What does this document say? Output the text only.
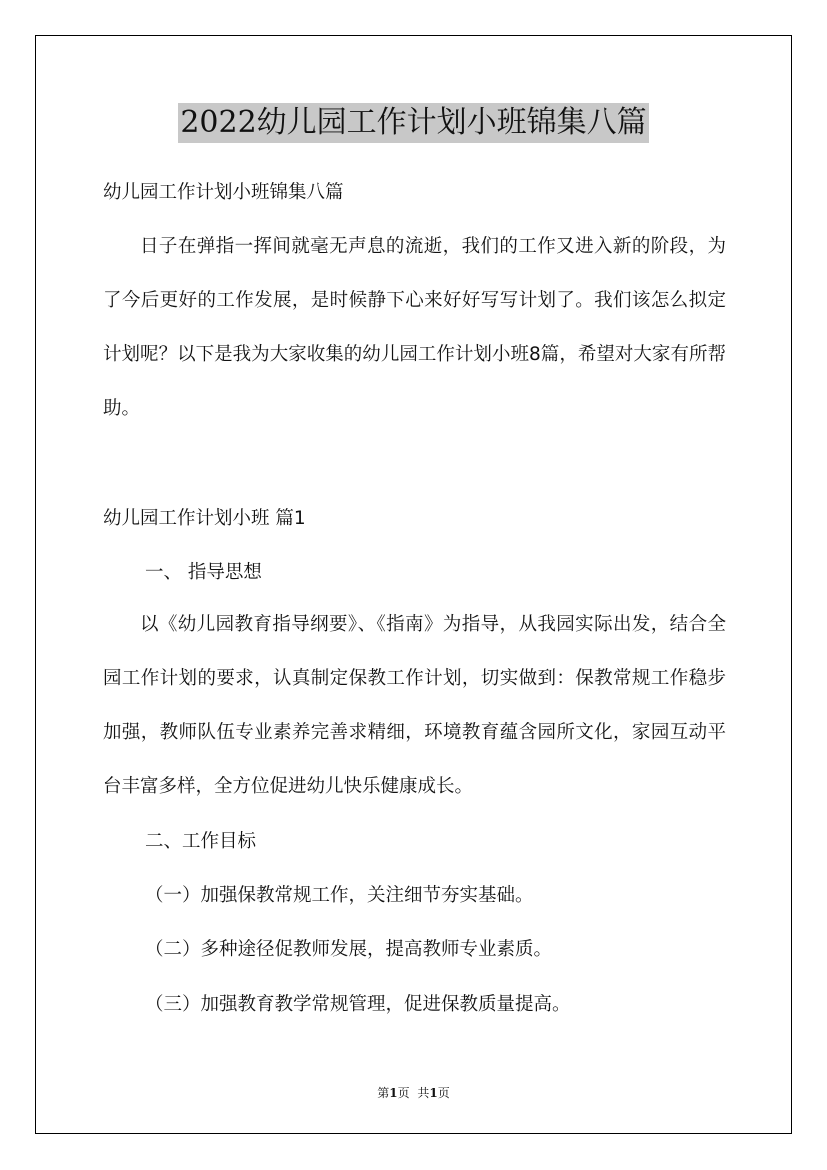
2022幼儿园工作计划小班锦集八篇
幼儿园工作计划小班锦集八篇

日子在弹指一挥间就毫无声息的流逝，我们的工作又进入新的阶段，为了今后更好的工作发展，是时候静下心来好好写写计划了。我们该怎么拟定计划呢？以下是我为大家收集的幼儿园工作计划小班8篇，希望对大家有所帮助。

幼儿园工作计划小班 篇1
一、 指导思想

以《幼儿园教育指导纲要》、《指南》为指导，从我园实际出发，结合全园工作计划的要求，认真制定保教工作计划，切实做到：保教常规工作稳步加强，教师队伍专业素养完善求精细，环境教育蕴含园所文化，家园互动平台丰富多样，全方位促进幼儿快乐健康成长。

二、工作目标
（一）加强保教常规工作，关注细节夯实基础。
（二）多种途径促教师发展，提高教师专业素质。
（三）加强教育教学常规管理，促进保教质量提高。
第1页 共1页
